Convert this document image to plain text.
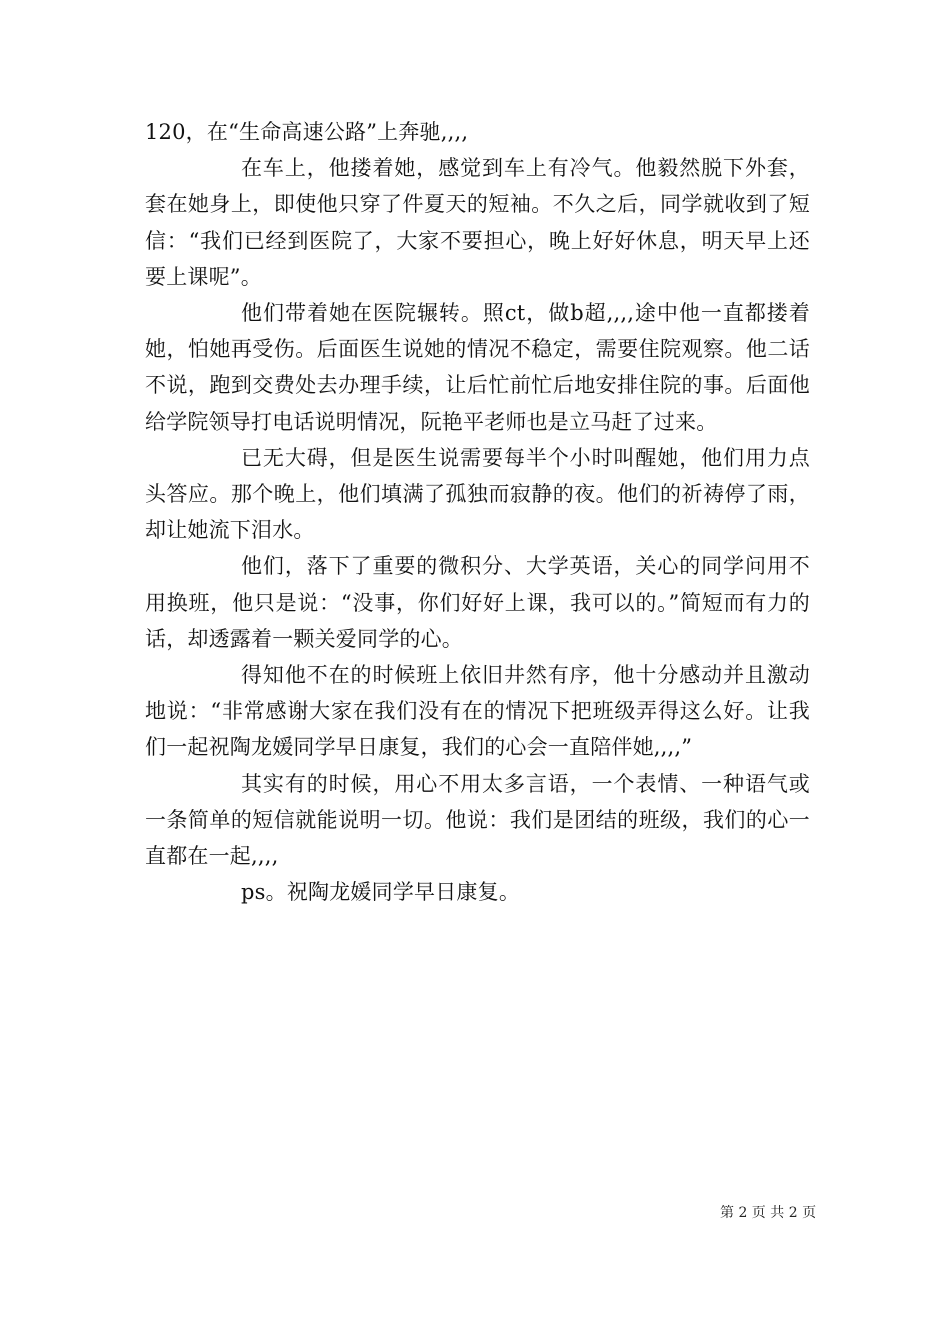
120，在“生命高速公路”上奔驰,,,,

在车上，他搂着她，感觉到车上有冷气。他毅然脱下外套，套在她身上，即使他只穿了件夏天的短袖。不久之后，同学就收到了短信：“我们已经到医院了，大家不要担心，晚上好好休息，明天早上还要上课呢”。

他们带着她在医院辗转。照ct，做b超,,,,途中他一直都搂着她，怕她再受伤。后面医生说她的情况不稳定，需要住院观察。他二话不说，跑到交费处去办理手续，让后忙前忙后地安排住院的事。后面他给学院领导打电话说明情况，阮艳平老师也是立马赶了过来。

已无大碍，但是医生说需要每半个小时叫醒她，他们用力点头答应。那个晚上，他们填满了孤独而寂静的夜。他们的祈祷停了雨，却让她流下泪水。

他们，落下了重要的微积分、大学英语，关心的同学问用不用换班，他只是说：“没事，你们好好上课，我可以的。”简短而有力的话，却透露着一颗关爱同学的心。

得知他不在的时候班上依旧井然有序，他十分感动并且激动地说：“非常感谢大家在我们没有在的情况下把班级弄得这么好。让我们一起祝陶龙媛同学早日康复，我们的心会一直陪伴她,,,,”

其实有的时候，用心不用太多言语，一个表情、一种语气或一条简单的短信就能说明一切。他说：我们是团结的班级，我们的心一直都在一起,,,,

ps。祝陶龙媛同学早日康复。

第 2 页 共 2 页
